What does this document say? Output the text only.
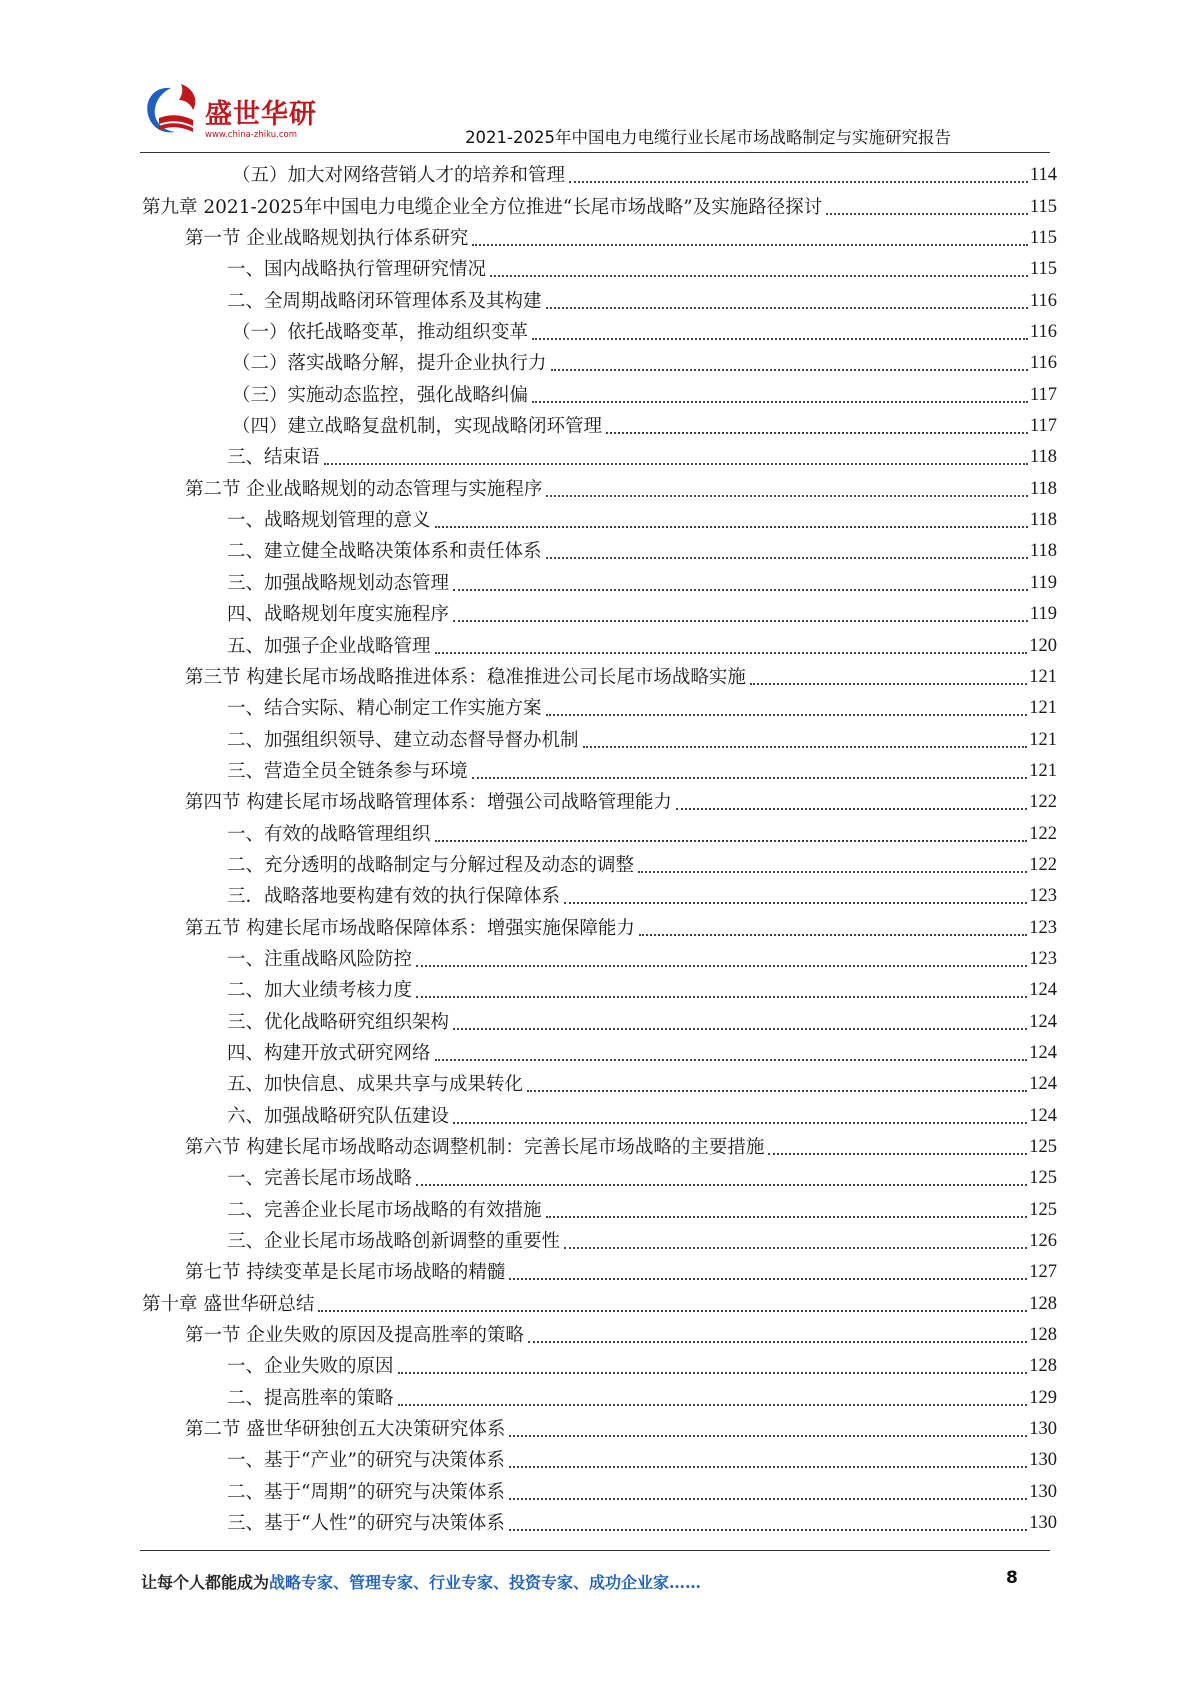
盛世华研
www.china-zhiku.com	2021-2025年中国电力电缆行业长尾市场战略制定与实施研究报告
（五）加大对网络营销人才的培养和管理	114
第九章 2021-2025年中国电力电缆企业全方位推进“长尾市场战略”及实施路径探讨	115
第一节 企业战略规划执行体系研究	115
一、国内战略执行管理研究情况	115
二、全周期战略闭环管理体系及其构建	116
（一）依托战略变革，推动组织变革	116
（二）落实战略分解，提升企业执行力	116
（三）实施动态监控，强化战略纠偏	117
（四）建立战略复盘机制，实现战略闭环管理	117
三、结束语	118
第二节 企业战略规划的动态管理与实施程序	118
一、战略规划管理的意义	118
二、建立健全战略决策体系和责任体系	118
三、加强战略规划动态管理	119
四、战略规划年度实施程序	119
五、加强子企业战略管理	120
第三节 构建长尾市场战略推进体系：稳准推进公司长尾市场战略实施	121
一、结合实际、精心制定工作实施方案	121
二、加强组织领导、建立动态督导督办机制	121
三、营造全员全链条参与环境	121
第四节 构建长尾市场战略管理体系：增强公司战略管理能力	122
一、有效的战略管理组织	122
二、充分透明的战略制定与分解过程及动态的调整	122
三．战略落地要构建有效的执行保障体系	123
第五节 构建长尾市场战略保障体系：增强实施保障能力	123
一、注重战略风险防控	123
二、加大业绩考核力度	124
三、优化战略研究组织架构	124
四、构建开放式研究网络	124
五、加快信息、成果共享与成果转化	124
六、加强战略研究队伍建设	124
第六节 构建长尾市场战略动态调整机制：完善长尾市场战略的主要措施	125
一、完善长尾市场战略	125
二、完善企业长尾市场战略的有效措施	125
三、企业长尾市场战略创新调整的重要性	126
第七节 持续变革是长尾市场战略的精髓	127
第十章 盛世华研总结	128
第一节 企业失败的原因及提高胜率的策略	128
一、企业失败的原因	128
二、提高胜率的策略	129
第二节 盛世华研独创五大决策研究体系	130
一、基于“产业”的研究与决策体系	130
二、基于“周期”的研究与决策体系	130
三、基于“人性”的研究与决策体系	130
让每个人都能成为战略专家、管理专家、行业专家、投资专家、成功企业家……	8
